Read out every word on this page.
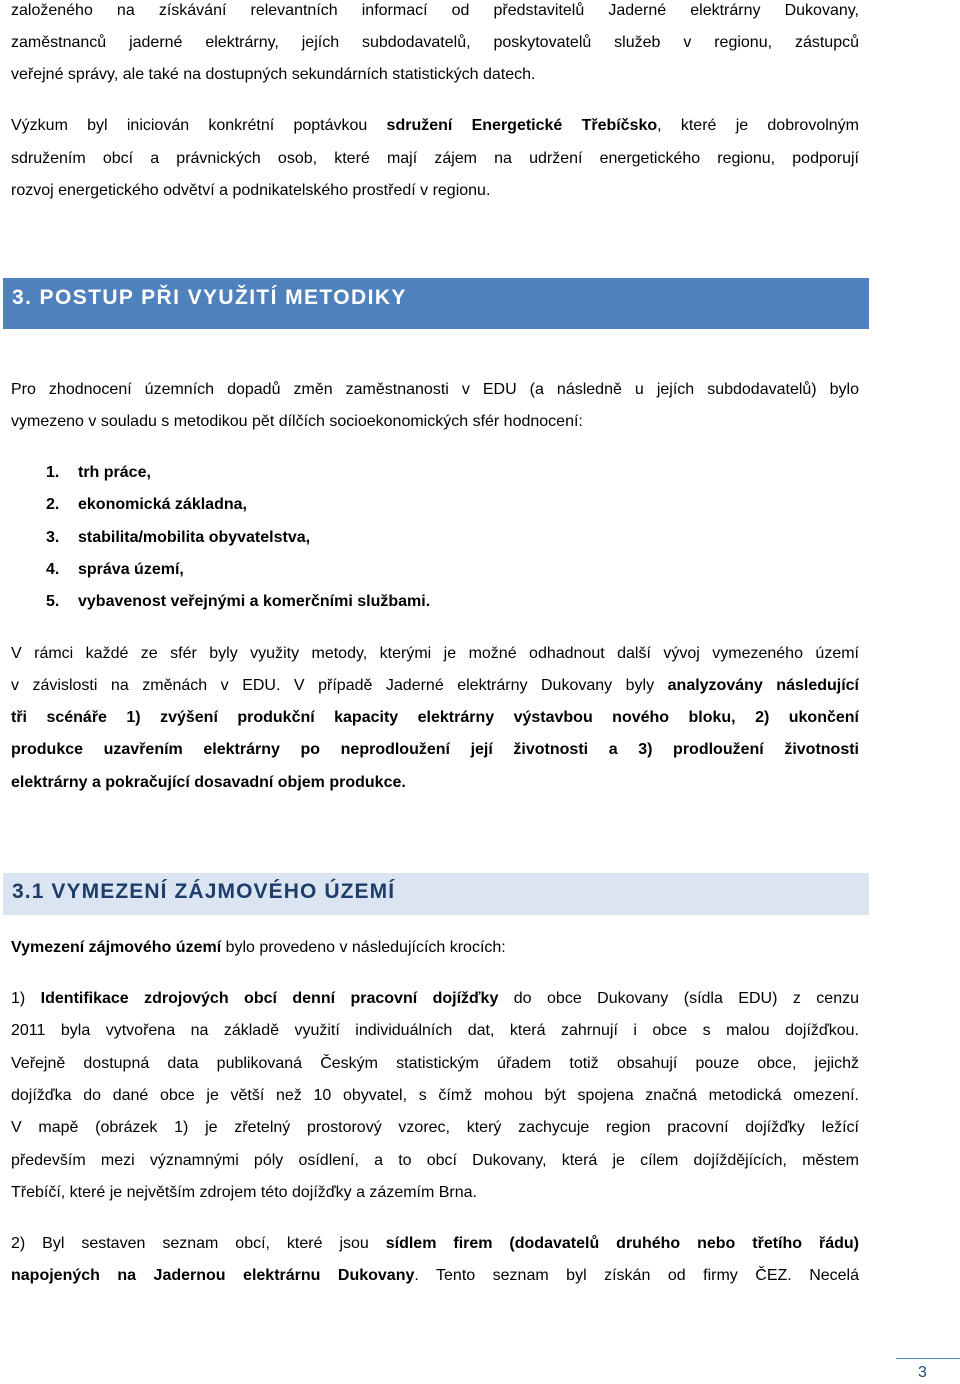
založeného na získávání relevantních informací od představitelů Jaderné elektrárny Dukovany,
zaměstnanců jaderné elektrárny, jejích subdodavatelů, poskytovatelů služeb v regionu, zástupců
veřejné správy, ale také na dostupných sekundárních statistických datech.
Výzkum byl iniciován konkrétní poptávkou sdružení Energetické Třebíčsko, které je dobrovolným
sdružením obcí a právnických osob, které mají zájem na udržení energetického regionu, podporují
rozvoj energetického odvětví a podnikatelského prostředí v regionu.
3. POSTUP PŘI VYUŽITÍ METODIKY
Pro zhodnocení územních dopadů změn zaměstnanosti v EDU (a následně u jejích subdodavatelů) bylo
vymezeno v souladu s metodikou pět dílčích socioekonomických sfér hodnocení:
1. trh práce,
2. ekonomická základna,
3. stabilita/mobilita obyvatelstva,
4. správa území,
5. vybavenost veřejnými a komerčními službami.
V rámci každé ze sfér byly využity metody, kterými je možné odhadnout další vývoj vymezeného území
v závislosti na změnách v EDU. V případě Jaderné elektrárny Dukovany byly analyzovány následující
tři scénáře 1) zvýšení produkční kapacity elektrárny výstavbou nového bloku, 2) ukončení
produkce uzavřením elektrárny po neprodloužení její životnosti a 3) prodloužení životnosti
elektrárny a pokračující dosavadní objem produkce.
3.1 VYMEZENÍ ZÁJMOVÉHO ÚZEMÍ
Vymezení zájmového území bylo provedeno v následujících krocích:
1) Identifikace zdrojových obcí denní pracovní dojížďky do obce Dukovany (sídla EDU) z cenzu
2011 byla vytvořena na základě využití individuálních dat, která zahrnují i obce s malou dojížďkou.
Veřejně dostupná data publikovaná Českým statistickým úřadem totiž obsahují pouze obce, jejichž
dojížďka do dané obce je větší než 10 obyvatel, s čímž mohou být spojena značná metodická omezení.
V mapě (obrázek 1) je zřetelný prostorový vzorec, který zachycuje region pracovní dojížďky ležící
především mezi významnými póly osídlení, a to obcí Dukovany, která je cílem dojíždějících, městem
Třebíčí, které je největším zdrojem této dojížďky a zázemím Brna.
2) Byl sestaven seznam obcí, které jsou sídlem firem (dodavatelů druhého nebo třetího řádu)
napojených na Jadernou elektrárnu Dukovany. Tento seznam byl získán od firmy ČEZ. Necelá
3
